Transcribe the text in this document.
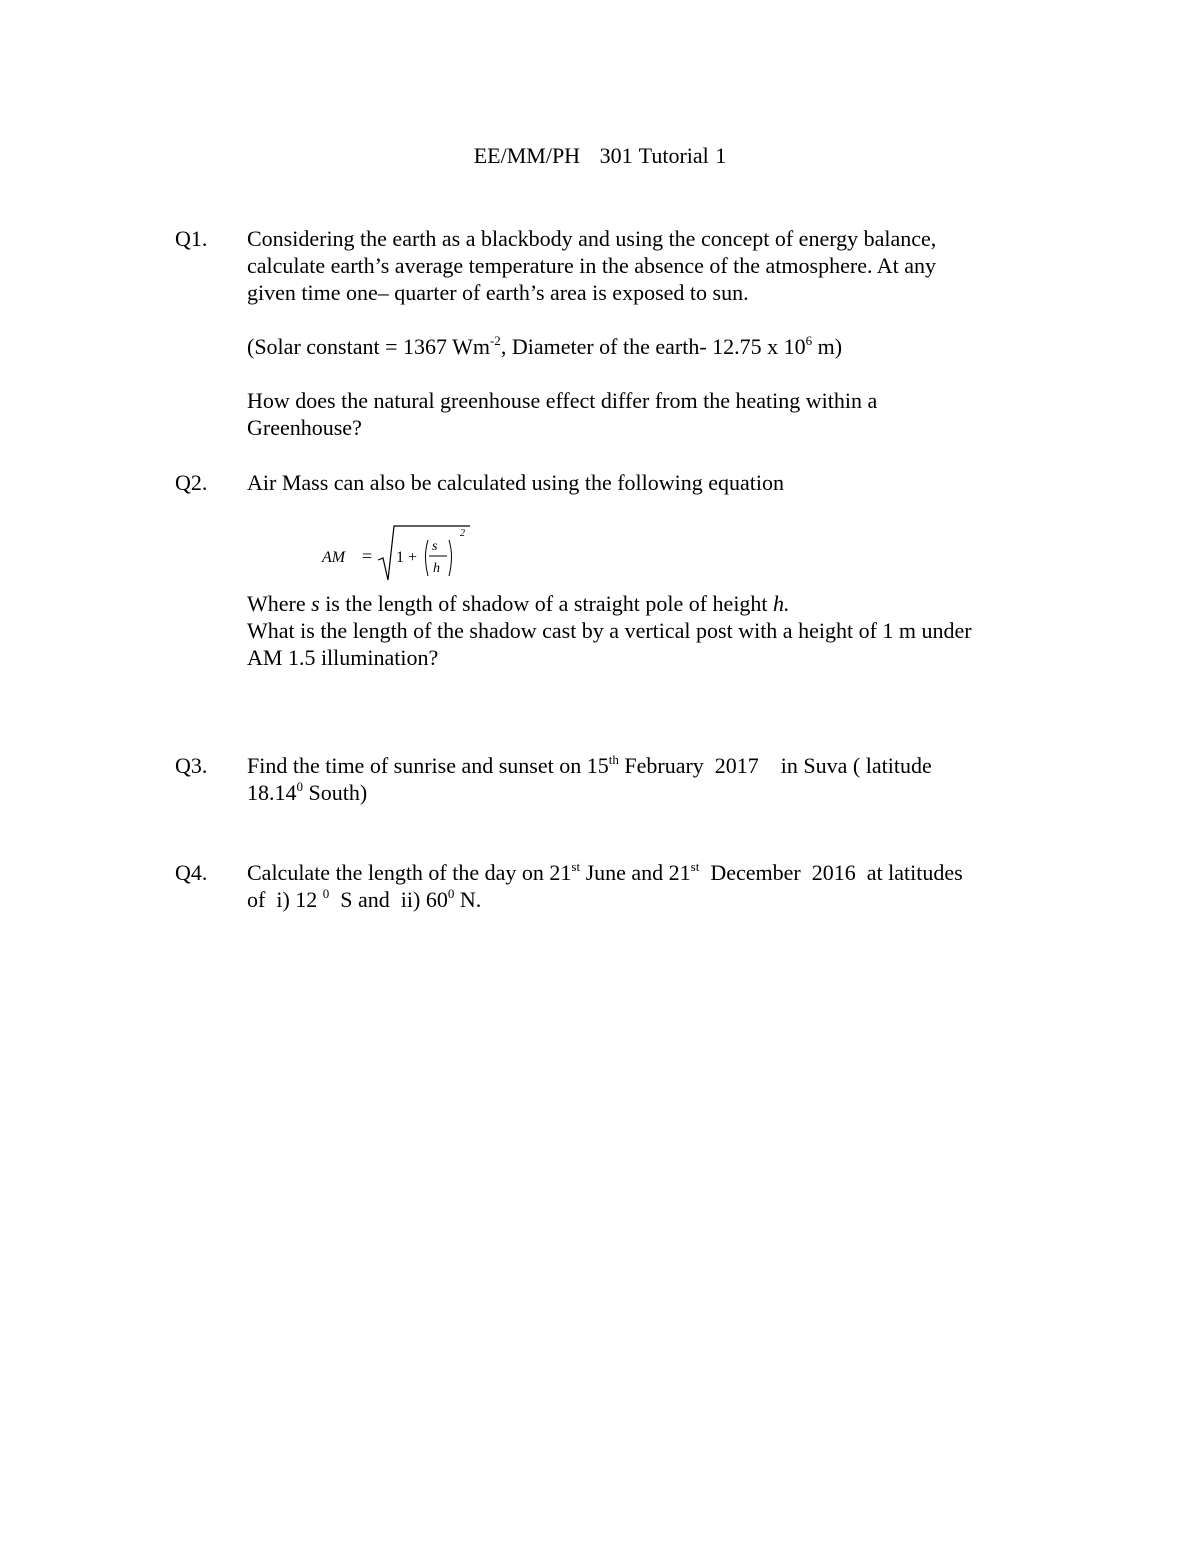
EE/MM/PH   301 Tutorial 1
Q1. Considering the earth as a blackbody and using the concept of energy balance,

calculate earth’s average temperature in the absence of the atmosphere. At any

given time one– quarter of earth’s area is exposed to sun.

(Solar constant = 1367 $Wm^{-2}$, Diameter of the earth- 12.75 x $10^6$ m)

How does the natural greenhouse effect differ from the heating within a

Greenhouse?

Q2. Air Mass can also be calculated using the following equation
AM = 1 +
s
h
2

Where s is the length of shadow of a straight pole of height h.

What is the length of the shadow cast by a vertical post with a height of 1 m under

AM 1.5 illumination?

Q3. Find the time of sunrise and sunset on 15th February  2017    in Suva ( latitude

18.14$^0$ South)

Q4. Calculate the length of the day on 21st June and 21st  December  2016  at latitudes

of  i) 12 $^0$  S and  ii) $60^0$ N.
